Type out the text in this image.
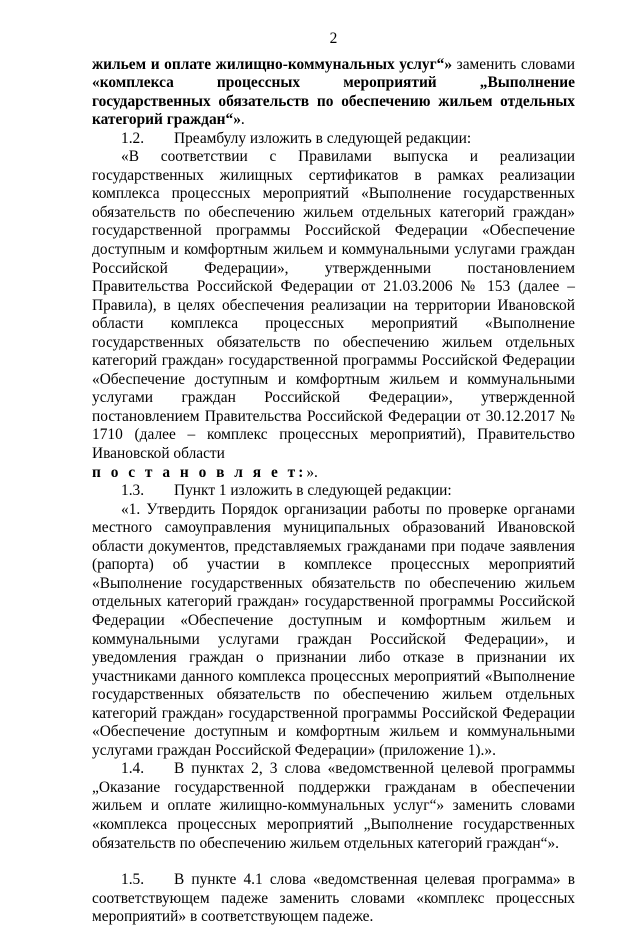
2

жильем и оплате жилищно-коммунальных услуг“» заменить словами «комплекса процессных мероприятий „Выполнение государственных обязательств по обеспечению жильем отдельных категорий граждан“».

1.2. Преамбулу изложить в следующей редакции:

«В соответствии с Правилами выпуска и реализации государственных жилищных сертификатов в рамках реализации комплекса процессных мероприятий «Выполнение государственных обязательств по обеспечению жильем отдельных категорий граждан» государственной программы Российской Федерации «Обеспечение доступным и комфортным жильем и коммунальными услугами граждан Российской Федерации», утвержденными постановлением Правительства Российской Федерации от 21.03.2006 № 153 (далее – Правила), в целях обеспечения реализации на территории Ивановской области комплекса процессных мероприятий «Выполнение государственных обязательств по обеспечению жильем отдельных категорий граждан» государственной программы Российской Федерации «Обеспечение доступным и комфортным жильем и коммунальными услугами граждан Российской Федерации», утвержденной постановлением Правительства Российской Федерации от 30.12.2017 № 1710 (далее – комплекс процессных мероприятий), Правительство Ивановской области
п о с т а н о в л я е т:».

1.3. Пункт 1 изложить в следующей редакции:

«1. Утвердить Порядок организации работы по проверке органами местного самоуправления муниципальных образований Ивановской области документов, представляемых гражданами при подаче заявления (рапорта) об участии в комплексе процессных мероприятий «Выполнение государственных обязательств по обеспечению жильем отдельных категорий граждан» государственной программы Российской Федерации «Обеспечение доступным и комфортным жильем и коммунальными услугами граждан Российской Федерации», и уведомления граждан о признании либо отказе в признании их участниками данного комплекса процессных мероприятий «Выполнение государственных обязательств по обеспечению жильем отдельных категорий граждан» государственной программы Российской Федерации «Обеспечение доступным и комфортным жильем и коммунальными услугами граждан Российской Федерации» (приложение 1).».

1.4. В пунктах 2, 3 слова «ведомственной целевой программы „Оказание государственной поддержки гражданам в обеспечении жильем и оплате жилищно-коммунальных услуг“» заменить словами «комплекса процессных мероприятий „Выполнение государственных обязательств по обеспечению жильем отдельных категорий граждан“».

1.5. В пункте 4.1 слова «ведомственная целевая программа» в соответствующем падеже заменить словами «комплекс процессных мероприятий» в соответствующем падеже.
